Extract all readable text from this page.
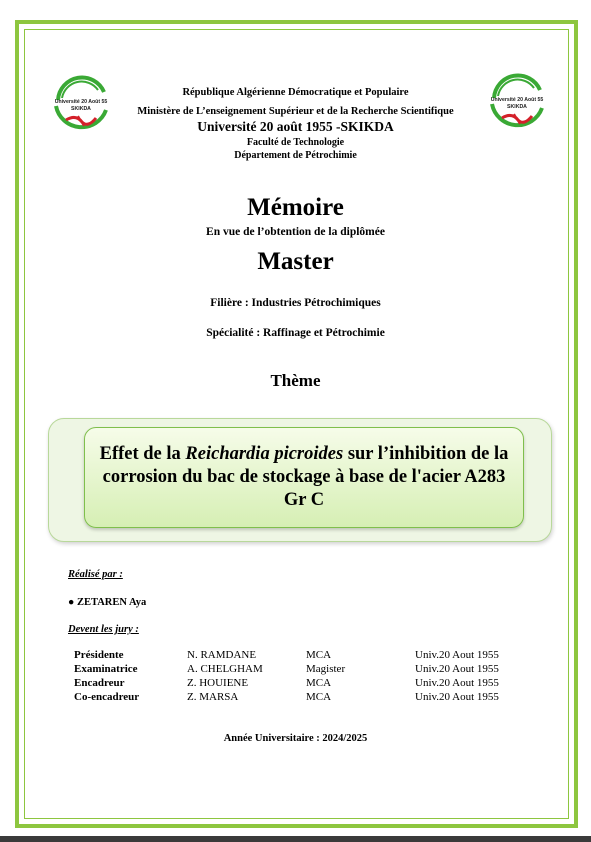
Université 20 Août 55
SKIKDA
Université 20 Août 55
SKIKDA
République Algérienne Démocratique et Populaire
Ministère de L’enseignement Supérieur et de la Recherche Scientifique
Université 20 août 1955 -SKIKDA
Faculté de Technologie
Département de Pétrochimie
Mémoire
En vue de l’obtention de la diplômée
Master
Filière : Industries Pétrochimiques
Spécialité : Raffinage et Pétrochimie
Thème
Effet de la Reichardia picroides sur l’inhibition de la corrosion du bac de stockage à base de l'acier A283 Gr C
Réalisé par :
● ZETAREN Aya
Devent les jury :
Présidente	N. RAMDANE	MCA	Univ.20 Aout 1955
Examinatrice	A. CHELGHAM	Magister	Univ.20 Aout 1955
Encadreur	Z. HOUIENE	MCA	Univ.20 Aout 1955
Co-encadreur	Z. MARSA	MCA	Univ.20 Aout 1955
Année Universitaire : 2024/2025
